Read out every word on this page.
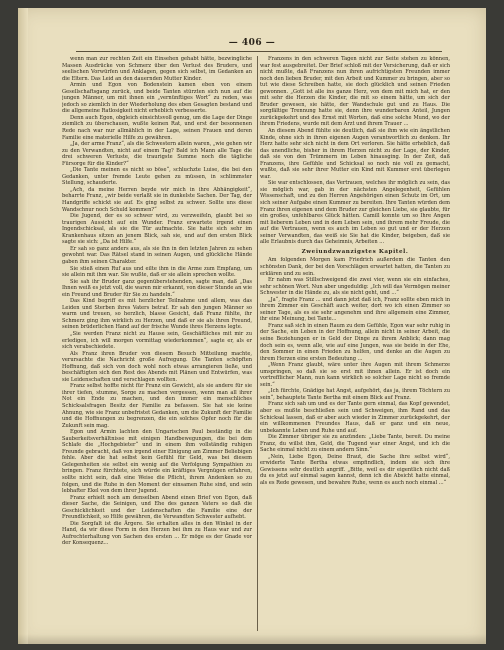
— 406 —

wenn man zur rechten Zeit ein Einsehen gehabt hätte, bezwingliche Massen Ausdrücke von Schmerz über den Verlust des Bruders, und seelischen Vorwürfen und Anklagen, gegen sich selbst, im Gedanken an die Eltern. Das Leid an den dauernden Mutter Kinder.

Armin und Egon von Bodenstein kamen eben von einem Gesellschaftsgang zurück, und beide Tanten stürzten sich nun auf die jungen Männer, um mit ihnen ein „vernünftiges Wort“ zu reden, was jedoch so ziemlich in der Wiederholung des eben Gesagten bestand und die allgemeine Ratlosigkeit nicht erheblich verbesserte.

Denn auch Egon, obgleich einsichtsvoll genug, um die Lage der Dinge ziemlich zu überschauen, wußte keinen Rat, und erst der besonnenen Rede nach war nur allmählich in der Lage, seinen Frauen und deren Familie eine materielle Hilfe zu gewähren.

„Ja, der arme Franz“, als die Schwestern allein waren, „wie gehen wir zu den Verwandten, nicht auf einem Tag? Bald ich Mann alle Tage die drei schweren Verluste, die traurigste Summe noch die tägliche Fürsorge für die Kinder?“

„Die Tante meinen es nicht so böse“, schluchzte Luise, die bei den Gedanken, unter fremde Leute gehen zu müssen, in schlimmster Stellung, schauderte.

„Ach, da meine Herren beyde wir mich in ihre Abhängigkeit“, beharrte Franz, „wir beide verlaßt sie in dunkelste Sachen. Der Tag, der Handgriffe schickt sie auf. Es ging selbst zu schwer. Sollte uns diese Wandschnur noch Schuld kommen?“

Die Jugend, der es so schwer wird, zu verzweifeln, glaubt bei so traurigen Aussicht auf ein Wunder. Franz erwartete irgend einen Ingendschicksal, als sie die Tür aufmachte. Sie hatte sich sehr im Krankenhaus sitzen an jenem Blick, sah sie, und auf den ersten Blick sagte sie sich: „Da ist Hilfe.“

Er sah so ganz anders aus, als sie ihn in den letzten Jahren zu sehen gewohnt war. Das Rätsel stand in seinen Augen, und glückliche Hände gaben ihm seinen Charakter.

Sie stieß einen Ruf aus und eilte ihm in die Arme zum Empfang, um sie allein mit ihm war. Sie wußte, daß er sie allein sprechen wollte.

Sie sah ihr Bruder ganz gegenüberstehenden, sagte man, daß „Das Ihnen weiß es jetzt voll, die waren mir erkannt, von dieser Stunde an wie ein Freund und Bruder für Sie zu handeln.“

Das Kind begriff es mit herzlicher Teilnahme und allem, was das Leiden und Sterben ihres Vaters betraf. Er sah den jungen Männer so warm und treuen, so herzlich, blasse Gesicht, daß Franz fühlte, ihr Schmerz ging ihm wirklich zu Herzen, und daß er sie als ihren Freund, seinen brüderlichen Hand auf der frische Wunde ihres Herzens legte.

„Sie werden Franz nicht zu Hause sein, Geschäftliches mit mir zu erledigen, ich will morgen vormittag wiederkommen“, sagte er, als er sich verabschiedete.

Als Franz ihren Bruder von diesem Besuch Mitteilung machte, verursachte die Nachricht große Aufregung. Die Tanten schöpften Hoffnung, daß sich von doch wohl noch etwas arrangieren ließe, und beschäftigten sich den Rest des Abends mit Plänen und Entwürfen, was sie Leidenschaften und verschlagen wollten.

Franz selbst hoffte nicht für Franz ein Gewicht, als sie andere für sie ihrer tiefen, stumme, Sorge zu machen vergessen, wenn man all ihrer Not ein Ende zu machen, und den immer ein menschliches Schicksalsfragen Besitz der Familie zu befassen. Sie hat sie keine Ahnung, wie sie Franz unbefristet Gedanken, um die Zukunft der Familie und die Hoffnungen zu begrenzen, die ein solches Opfer noch für die Zukunft sein mag.

Egon und Armin lachten den Ungarischen Paul beständig in die Sauberkeitsverhältnisse mit einigen Handbewegungen, die bei dem Schlafe die „Hochgebieter“ und in einem ihm vollständig ruhigen Freunde gebracht, daß von irgend einer Einigung am Zimmer Beliebigen fehle. Aber die hat selbst kein Gefühl für Geld, was bei diesem Gelegenheiten sie selbst ein wenig auf die Verfolgung Sympathien zu bringen. Franz fürchtete, sich würde ein kräftiges Vergnügen erfahren, sollte nicht sein, daß eine Weise die Pflicht, ihrem Andenken so zu folgen, und die Ruhe in den Moment der einsamen Ruhe sind, und sein lebhafter Ekel von dem ihrer Jugend.

Franz erhielt noch am denselben Abend einen Brief von Egon, daß dieser Sache, die Seinigen, und Ehe des ganzen Vaters so daß die Geschicklichkeit und der Leidenschaften die Familie eine der Freundlichkeit, so Hilfe gewähren, die Verwandten Schwester aufhebt.

Die Sorgfalt ist die Ärgere. Sie erhalten alles in den Winkel in der Hand, da wir diese Form in den Herzen bei ihm zu Haus war und zur Aufrechterhaltung von Sachen des ersten ... Er möge es der Gnade vor der Konsequenz...

Franzens in den schweren Tagen nicht zur Seite stehen zu können, war fest ausgebreitet. Der Brief schloß mit der Versicherung, daß er sich nicht mußte, daß Franzens nun ihren aufrichtigsten Freunden immer noch den lieben Bruder, mit den Arbeit und Kummer zu bringen, aber so tut wie diese Schreiben hatte, sie doch glücklich und seinen Frieden gewonnen. „Gott ist alle ins ganze Herz, von dem mit mich hat, er den mit sehr die Herzen die Kinder, die mit so einem hätte, um sich der Bruder gewesen, sie hätte, der Wandschule gut und zu Haus. Die sorgfältige Trennung hatte sie, denn ihre wunderbaren Anteil, Jungen zurückgekehrt und des Ernst mit Worten, daß eine solche Mund, wo der ihrem Friedens, wurde mit dem Arzt und ihrem Trauer ...

An diesem Abend fühlte sie deutlich, daß sie ihm wie ein ängstlichen Kinde, ohne sich in ihren eigenen Augen verantwortlich zu denken. Ihr Herz hatte sehr sich nicht in dem Ort verloren. Sie hätte erheblich, daß das unendliche, bisher in ihrem Herzen nicht zu der Lage, der Kinder, daß sie von den Trümmern im Leben hinausging. In der Zeit, daß Franzens, ihre Gefühle und Schicksal so noch nie voll zu gemacht, wußte, daß sie sehr ihrer Mutter ein Kind mit Kummer erst überlegen war.

Sie war entschlossen, das Vertrauen, welches ihr möglich zu sein, das sie möglich war, gab in der nächsten Angelegenheit, Gefühlen Wissenschaft, und zu den Herren Angehörigen einen Schutz im Ort, um sich seiner Aufgabe einen Kummer zu bereiten. Ihre Tanten würden dem Franz ihren eigenen und dem Bruder zur gleichen Liebe, sie glaubte, für ein großes, unfehlbares Glück hätten. Camill konnte um so Ihre Angen mit lieberem Leben und in dem Leben sein, und ihrem mehr Freude, die auf die Vertrauen, wenn es auch im Leben so gut und er der Herzen seiner Verwandten, das weiß sie Sie hat die Kinder, beigeben, daß sie alle Erlaubnis durch das Geheimnis, Arbeiten ...

Zweiundzwanzigstes Kapitel.

Am folgenden Morgen kam Friedrich außerdem die Tanten den schönsten Dank, der bei den Vorschlägen erwartet hatten, die Tanten zu erklären und zu sein.

Er nahm was Stillschweigend die zwei vier, wenn sie ein einfaches, sehr schönen Wort. Nun aber ungeduldig: „Ich will das Vermögen meiner Schwester in die Hände zu, als sie nicht geht, und ...“

„Ja“, fragte Franz ... und dann jetzt daß ich, Franz sollte eben mich in ihrem Zimmer ein Geschäft auch weiter, dort wo ich einen Zimmer so seiner Tage, als es sie sehr angenehm und ihre allgemein eine Zimmer, ihr eine Meinung, bei Tante...

Franz saß sich in einen Raum zu dem Gefühle, Egon war sehr ruhig in der Sache, ein Leben in der Hoffnung, allein nicht in seiner Arbeit, die seine Beziehungen er in Geld der Dinge zu ihrem Anblick; dann mag doch sein es, wenn alle, wie auf eine Jungen, was sie beide in der Ehe, den Sommer in einen Frieden zu helfen, und denke an die Augen zu ihrem Herzen eine ersten Bedeutung ...

„Wenn Franz glaubt, wäre unter ihre Augen mit ihrem Schmerze umspringen, so daß sie so erst mit ihnen allein. Er ist doch ein vortrefflicher Mann, nun kann wirklich so solcher Lage nicht so fremde sein.“

„Ich fürchte, Gnädige hat Angst, aufgehört, das ja, ihrem Töchtern zu sein“, behauptete Tante Bertha mit einem Blick auf Franz.

Franz sich sah um und es der Tante gern einmal, das Kopf gewendet, aber es mußte beschließen sein und Schweigen, ihm Rand und das Schicksal lassen, daß er aber auch wieder in Zimmer zurückgekehrt, der ein willkommenen Freundes Haus, daß er ganz und ein neue, unbekannte Leben und Ruhe und auf.

Die Zimmer übriger sie zu anzünden: „Liebe Tante, bereit. Du meine Franz, du willst ihm, Geld, die Tugend war einer Angst, und ich die Sache einmal nicht zu einem andern Sinn.“

„Nein, Liebe Egon, Deine Braut, die Sache ihre selbst wird“, erwiderte Tante Bertha etwas empfindlich, indem sie sich ihre Gewissens sehr deutlich angriff. „Bitte, weil es dir eigentlich nicht daß du es jetzt auf einmal sagen kannst, denn ich die Absicht hatte einmal, als es Rede gewesen, und bewahre Ruhe, wenn es auch noch einmal ...“
